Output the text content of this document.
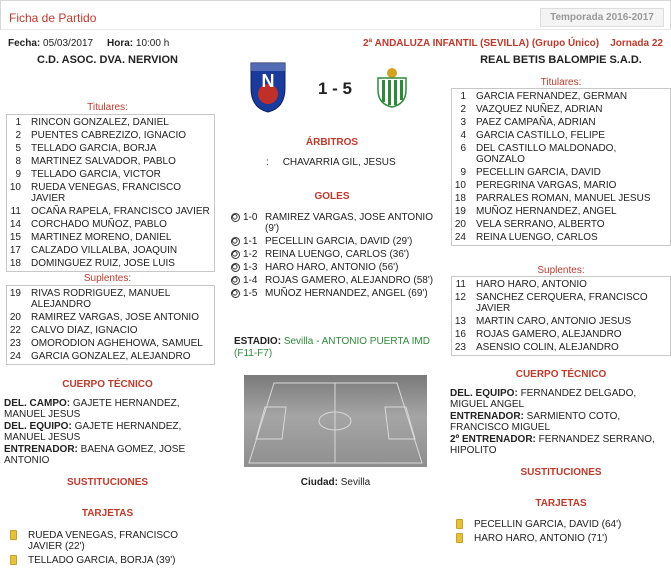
Ficha de Partido	Temporada 2016-2017
Fecha: 05/03/2017 Hora: 10:00 h	2ª ANDALUZA INFANTIL (SEVILLA) (Grupo Único) Jornada 22
C.D. ASOC. DVA. NERVION	REAL BETIS BALOMPIE S.A.D.
N	1 - 5
Titulares:
1	RINCON GONZALEZ, DANIEL
2	PUENTES CABREZIZO, IGNACIO
5	TELLADO GARCIA, BORJA
8	MARTINEZ SALVADOR, PABLO
9	TELLADO GARCIA, VICTOR
10	RUEDA VENEGAS, FRANCISCO JAVIER
11	OCAÑA RAPELA, FRANCISCO JAVIER
14	CORCHADO MUÑOZ, PABLO
15	MARTINEZ MORENO, DANIEL
17	CALZADO VILLALBA, JOAQUIN
18	DOMINGUEZ RUIZ, JOSE LUIS
Suplentes:
19	RIVAS RODRIGUEZ, MANUEL ALEJANDRO
20	RAMIREZ VARGAS, JOSE ANTONIO
22	CALVO DIAZ, IGNACIO
23	OMORODION AGHEHOWA, SAMUEL
24	GARCIA GONZALEZ, ALEJANDRO
CUERPO TÉCNICO
DEL. CAMPO: GAJETE HERNANDEZ, MANUEL JESUS
DEL. EQUIPO: GAJETE HERNANDEZ, MANUEL JESUS
ENTRENADOR: BAENA GOMEZ, JOSE ANTONIO
SUSTITUCIONES
TARJETAS
RUEDA VENEGAS, FRANCISCO JAVIER (22')
TELLADO GARCIA, BORJA (39')
ÁRBITROS
: CHAVARRIA GIL, JESUS
GOLES
1-0 RAMIREZ VARGAS, JOSE ANTONIO (9')
1-1 PECELLIN GARCIA, DAVID (29')
1-2 REINA LUENGO, CARLOS (36')
1-3 HARO HARO, ANTONIO (56')
1-4 ROJAS GAMERO, ALEJANDRO (58')
1-5 MUÑOZ HERNANDEZ, ANGEL (69')
ESTADIO: Sevilla - ANTONIO PUERTA IMD (F11-F7)
Ciudad: Sevilla
Titulares:
1	GARCIA FERNANDEZ, GERMAN
2	VAZQUEZ NUÑEZ, ADRIAN
3	PAEZ CAMPAÑA, ADRIAN
4	GARCIA CASTILLO, FELIPE
6	DEL CASTILLO MALDONADO, GONZALO
9	PECELLIN GARCIA, DAVID
10	PEREGRINA VARGAS, MARIO
18	PARRALES ROMAN, MANUEL JESUS
19	MUÑOZ HERNANDEZ, ANGEL
20	VELA SERRANO, ALBERTO
24	REINA LUENGO, CARLOS
Suplentes:
11	HARO HARO, ANTONIO
12	SANCHEZ CERQUERA, FRANCISCO JAVIER
13	MARTIN CARO, ANTONIO JESUS
16	ROJAS GAMERO, ALEJANDRO
23	ASENSIO COLIN, ALEJANDRO
CUERPO TÉCNICO
DEL. EQUIPO: FERNANDEZ DELGADO, MIGUEL ANGEL
ENTRENADOR: SARMIENTO COTO, FRANCISCO MIGUEL
2º ENTRENADOR: FERNANDEZ SERRANO, HIPOLITO
SUSTITUCIONES
TARJETAS
PECELLIN GARCIA, DAVID (64')
HARO HARO, ANTONIO (71')
